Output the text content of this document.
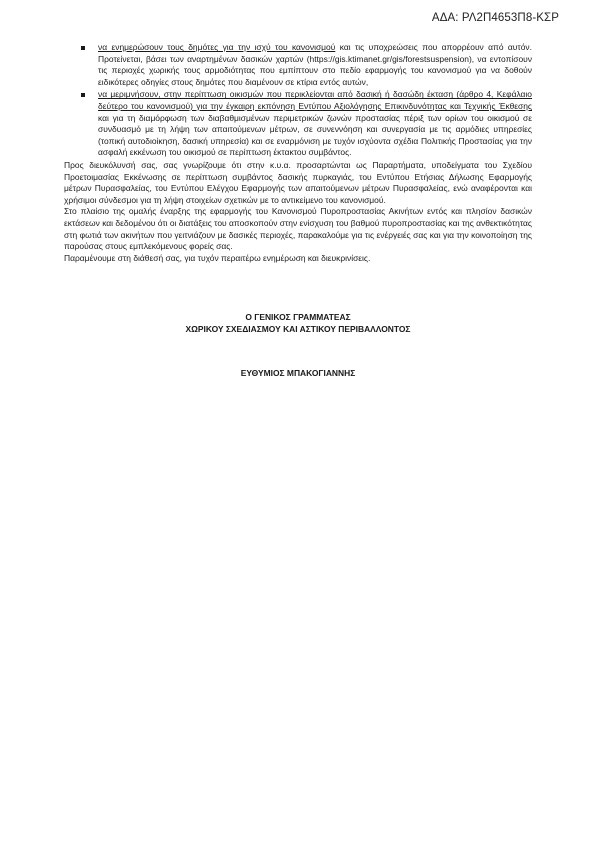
ΑΔΑ: ΡΛ2Π4653Π8-ΚΣΡ
να ενημερώσουν τους δημότες για την ισχύ του κανονισμού και τις υποχρεώσεις που απορρέουν από αυτόν. Προτείνεται, βάσει των αναρτημένων δασικών χαρτών (https://gis.ktimanet.gr/gis/forestsuspension), να εντοπίσουν τις περιοχές χωρικής τους αρμοδιότητας που εμπίπτουν στο πεδίο εφαρμογής του κανονισμού για να δοθούν ειδικότερες οδηγίες στους δημότες που διαμένουν σε κτίρια εντός αυτών,
να μεριμνήσουν, στην περίπτωση οικισμών που περικλείονται από δασική ή δασώδη έκταση (άρθρο 4, Κεφάλαιο δεύτερο του κανονισμού) για την έγκαιρη εκπόνηση Εντύπου Αξιολόγησης Επικινδυνότητας και Τεχνικής Έκθεσης και για τη διαμόρφωση των διαβαθμισμένων περιμετρικών ζωνών προστασίας πέριξ των ορίων του οικισμού σε συνδυασμό με τη λήψη των απαιτούμενων μέτρων, σε συνεννόηση και συνεργασία με τις αρμόδιες υπηρεσίες (τοπική αυτοδιοίκηση, δασική υπηρεσία) και σε εναρμόνιση με τυχόν ισχύοντα σχέδια Πολιτικής Προστασίας για την ασφαλή εκκένωση του οικισμού σε περίπτωση έκτακτου συμβάντος.

Προς διευκόλυνσή σας, σας γνωρίζουμε ότι στην κ.υ.α. προσαρτώνται ως Παραρτήματα, υποδείγματα του Σχεδίου Προετοιμασίας Εκκένωσης σε περίπτωση συμβάντος δασικής πυρκαγιάς, του Εντύπου Ετήσιας Δήλωσης Εφαρμογής μέτρων Πυρασφαλείας, του Εντύπου Ελέγχου Εφαρμογής των απαιτούμενων μέτρων Πυρασφαλείας, ενώ αναφέρονται και χρήσιμοι σύνδεσμοι για τη λήψη στοιχείων σχετικών με το αντικείμενο του κανονισμού.

Στο πλαίσιο της ομαλής έναρξης της εφαρμογής του Κανονισμού Πυροπροστασίας Ακινήτων εντός και πλησίον δασικών εκτάσεων και δεδομένου ότι οι διατάξεις του αποσκοπούν στην ενίσχυση του βαθμού πυροπροστασίας και της ανθεκτικότητας στη φωτιά των ακινήτων που γειτνιάζουν με δασικές περιοχές, παρακαλούμε για τις ενέργειές σας και για την κοινοποίηση της παρούσας στους εμπλεκόμενους φορείς σας.

Παραμένουμε στη διάθεσή σας, για τυχόν περαιτέρω ενημέρωση και διευκρινίσεις.

Ο ΓΕΝΙΚΟΣ ΓΡΑΜΜΑΤΕΑΣ
ΧΩΡΙΚΟΥ ΣΧΕΔΙΑΣΜΟΥ ΚΑΙ ΑΣΤΙΚΟΥ ΠΕΡΙΒΑΛΛΟΝΤΟΣ
ΕΥΘΥΜΙΟΣ ΜΠΑΚΟΓΙΑΝΝΗΣ
